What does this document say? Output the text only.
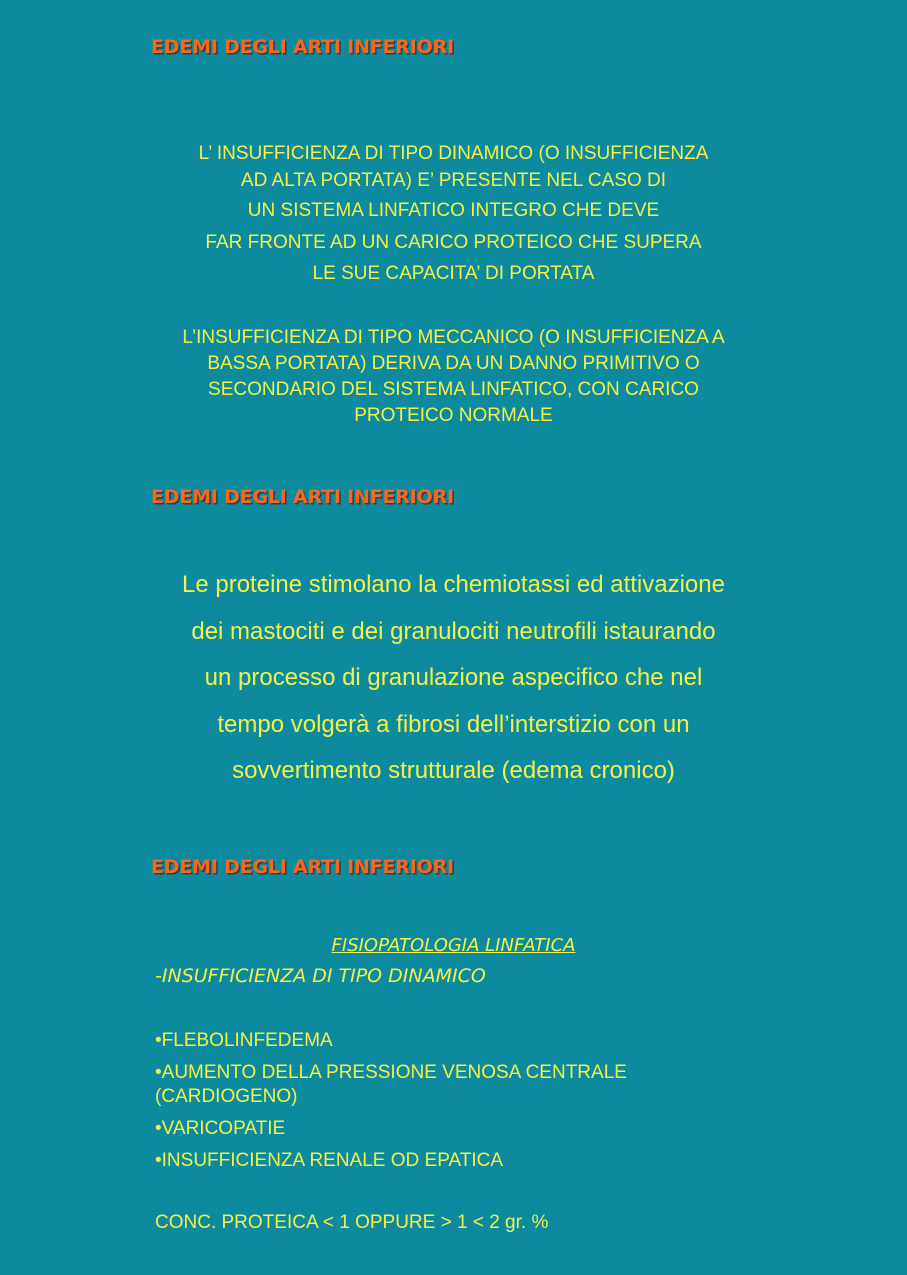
EDEMI DEGLI ARTI INFERIORI

L’ INSUFFICIENZA DI TIPO DINAMICO (O INSUFFICIENZA

AD ALTA PORTATA) E’ PRESENTE NEL CASO DI

UN SISTEMA LINFATICO INTEGRO CHE DEVE

FAR FRONTE AD UN CARICO PROTEICO CHE SUPERA

LE SUE CAPACITA’ DI PORTATA

L’INSUFFICIENZA DI TIPO MECCANICO (O INSUFFICIENZA A

BASSA PORTATA) DERIVA DA UN DANNO PRIMITIVO O

SECONDARIO DEL SISTEMA LINFATICO, CON CARICO

PROTEICO NORMALE

EDEMI DEGLI ARTI INFERIORI

Le proteine stimolano la chemiotassi ed attivazione

dei mastociti e dei granulociti neutrofili istaurando

un processo di granulazione aspecifico che nel

tempo volgerà a fibrosi dell’interstizio con un

sovvertimento strutturale (edema cronico)

EDEMI DEGLI ARTI INFERIORI

FISIOPATOLOGIA LINFATICA

-INSUFFICIENZA DI TIPO DINAMICO

•FLEBOLINFEDEMA

•AUMENTO DELLA PRESSIONE VENOSA CENTRALE (CARDIOGENO)

•VARICOPATIE

•INSUFFICIENZA RENALE OD EPATICA

CONC. PROTEICA < 1 OPPURE > 1 < 2 gr. %
